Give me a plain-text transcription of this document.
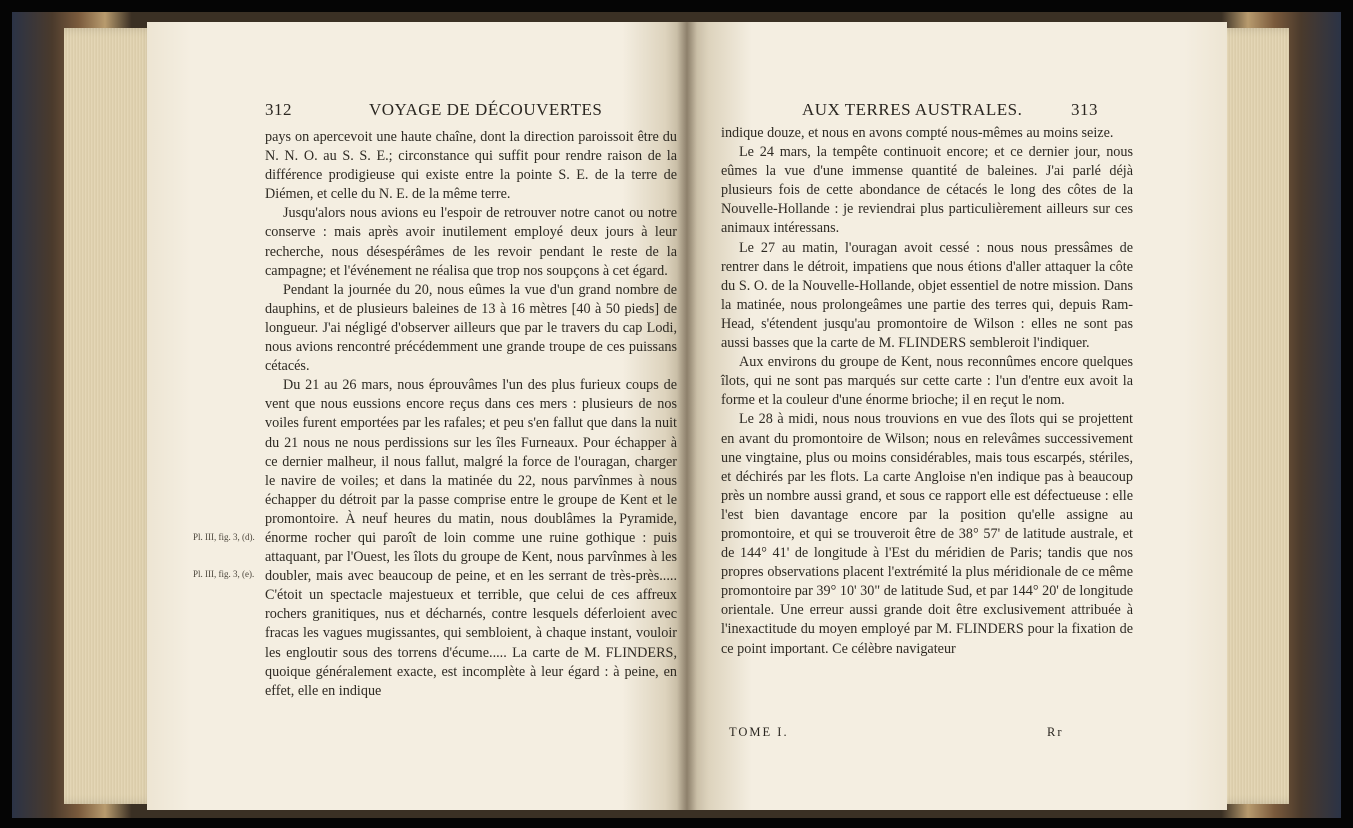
312	VOYAGE DE DÉCOUVERTES

pays on apercevoit une haute chaîne, dont la direction paroissoit être du N. N. O. au S. S. E.; circonstance qui suffit pour rendre raison de la différence prodigieuse qui existe entre la pointe S. E. de la terre de Diémen, et celle du N. E. de la même terre.

Jusqu'alors nous avions eu l'espoir de retrouver notre canot ou notre conserve : mais après avoir inutilement employé deux jours à leur recherche, nous désespérâmes de les revoir pendant le reste de la campagne; et l'événement ne réalisa que trop nos soupçons à cet égard.

Pendant la journée du 20, nous eûmes la vue d'un grand nombre de dauphins, et de plusieurs baleines de 13 à 16 mètres [40 à 50 pieds] de longueur. J'ai négligé d'observer ailleurs que par le travers du cap Lodi, nous avions rencontré précédemment une grande troupe de ces puissans cétacés.

Du 21 au 26 mars, nous éprouvâmes l'un des plus furieux coups de vent que nous eussions encore reçus dans ces mers : plusieurs de nos voiles furent emportées par les rafales; et peu s'en fallut que dans la nuit du 21 nous ne nous perdissions sur les îles Furneaux. Pour échapper à ce dernier malheur, il nous fallut, malgré la force de l'ouragan, charger le navire de voiles; et dans la matinée du 22, nous parvînmes à nous échapper du détroit par la passe comprise entre le groupe de Kent et le promontoire. À neuf heures du matin, nous doublâmes la Pyramide, énorme rocher qui paroît de loin comme une ruine gothique : puis attaquant, par l'Ouest, les îlots du groupe de Kent, nous parvînmes à les doubler, mais avec beaucoup de peine, et en les serrant de très-près..... C'étoit un spectacle majestueux et terrible, que celui de ces affreux rochers granitiques, nus et décharnés, contre lesquels déferloient avec fracas les vagues mugissantes, qui sembloient, à chaque instant, vouloir les engloutir sous des torrens d'écume..... La carte de M. FLINDERS, quoique généralement exacte, est incomplète à leur égard : à peine, en effet, elle en indique

Pl. III, fig. 3, (d).
Pl. III, fig. 3, (e).
AUX TERRES AUSTRALES.	313

indique douze, et nous en avons compté nous-mêmes au moins seize.

Le 24 mars, la tempête continuoit encore; et ce dernier jour, nous eûmes la vue d'une immense quantité de baleines. J'ai parlé déjà plusieurs fois de cette abondance de cétacés le long des côtes de la Nouvelle-Hollande : je reviendrai plus particulièrement ailleurs sur ces animaux intéressans.

Le 27 au matin, l'ouragan avoit cessé : nous nous pressâmes de rentrer dans le détroit, impatiens que nous étions d'aller attaquer la côte du S. O. de la Nouvelle-Hollande, objet essentiel de notre mission. Dans la matinée, nous prolongeâmes une partie des terres qui, depuis Ram-Head, s'étendent jusqu'au promontoire de Wilson : elles ne sont pas aussi basses que la carte de M. FLINDERS sembleroit l'indiquer.

Aux environs du groupe de Kent, nous reconnûmes encore quelques îlots, qui ne sont pas marqués sur cette carte : l'un d'entre eux avoit la forme et la couleur d'une énorme brioche; il en reçut le nom.

Le 28 à midi, nous nous trouvions en vue des îlots qui se projettent en avant du promontoire de Wilson; nous en relevâmes successivement une vingtaine, plus ou moins considérables, mais tous escarpés, stériles, et déchirés par les flots. La carte Angloise n'en indique pas à beaucoup près un nombre aussi grand, et sous ce rapport elle est défectueuse : elle l'est bien davantage encore par la position qu'elle assigne au promontoire, et qui se trouveroit être de 38° 57' de latitude australe, et de 144° 41' de longitude à l'Est du méridien de Paris; tandis que nos propres observations placent l'extrémité la plus méridionale de ce même promontoire par 39° 10' 30" de latitude Sud, et par 144° 20' de longitude orientale. Une erreur aussi grande doit être exclusivement attribuée à l'inexactitude du moyen employé par M. FLINDERS pour la fixation de ce point important. Ce célèbre navigateur

TOME I.	Rr
